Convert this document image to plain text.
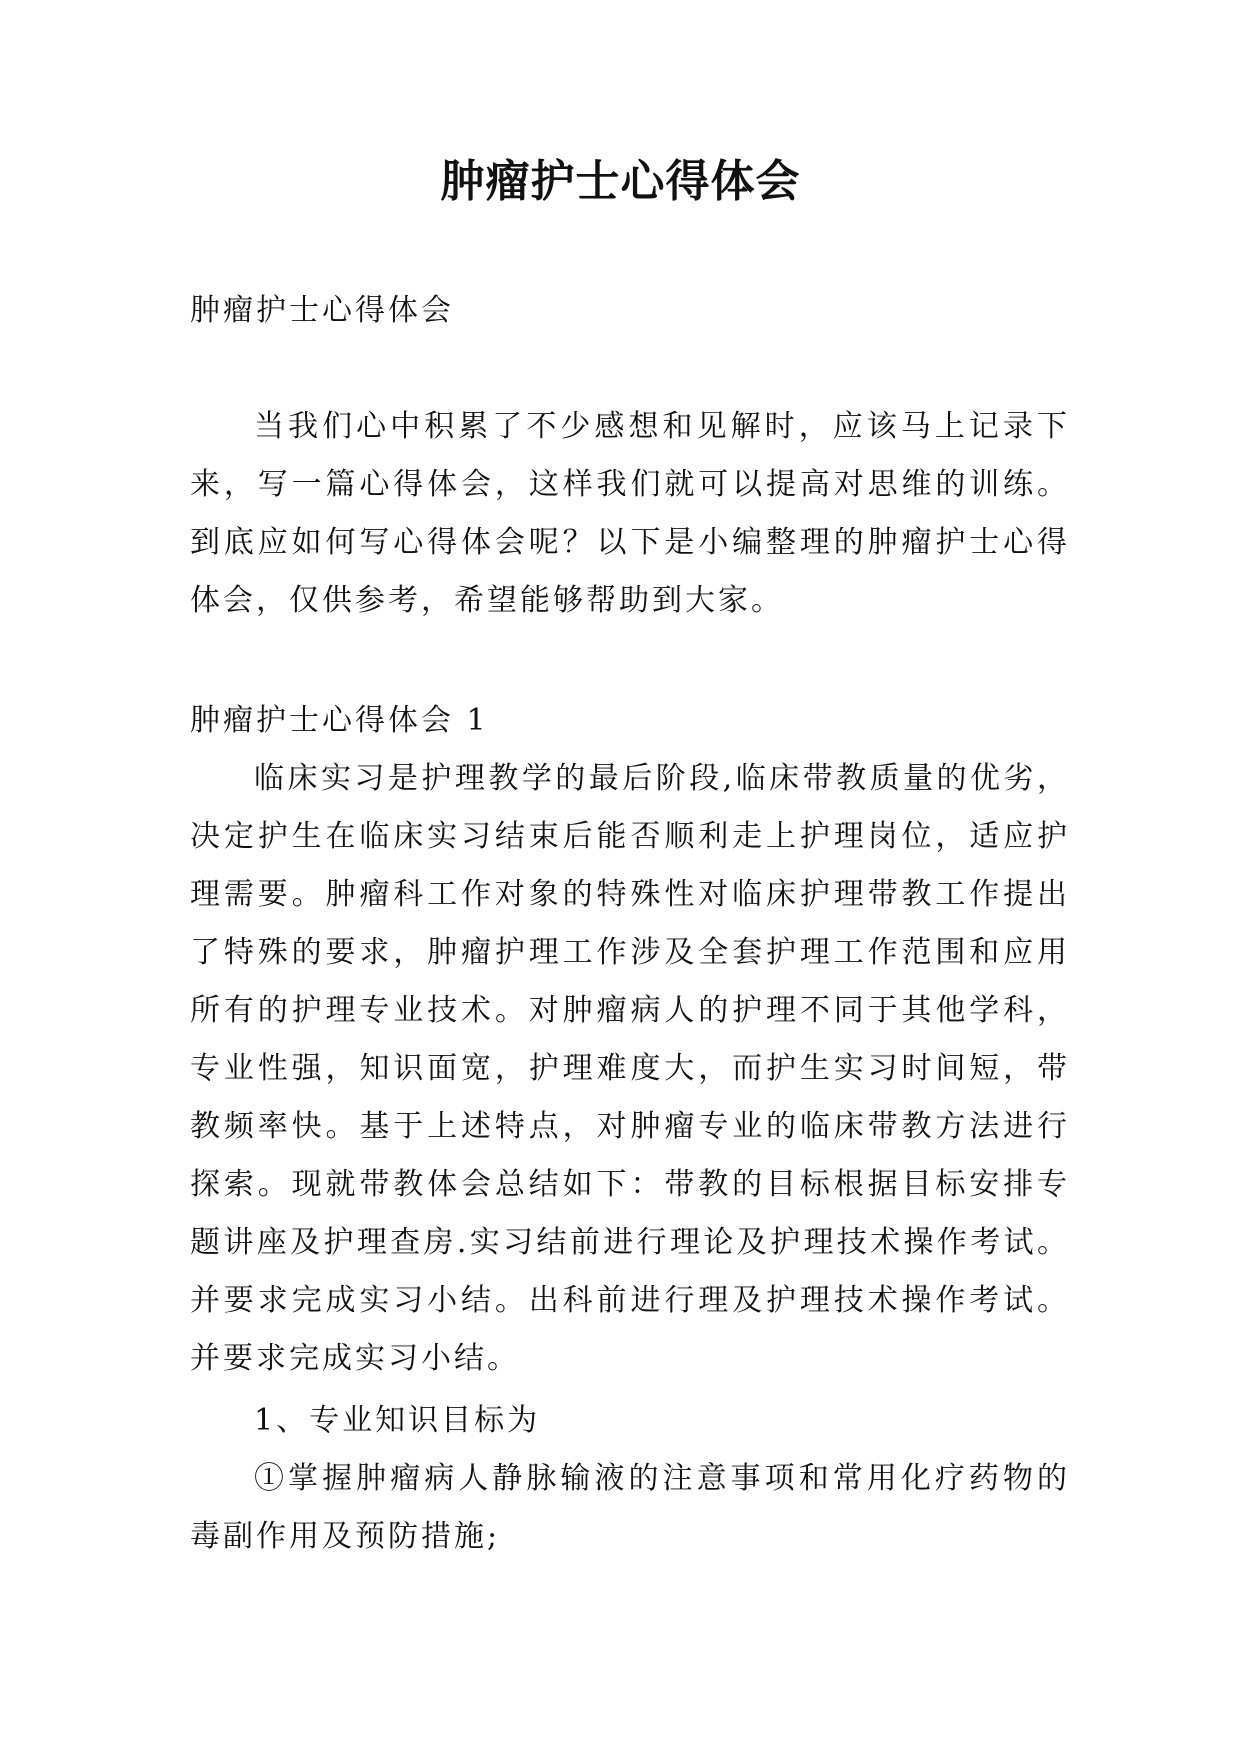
肿瘤护士心得体会

肿瘤护士心得体会

当我们心中积累了不少感想和见解时，应该马上记录下来，写一篇心得体会，这样我们就可以提高对思维的训练。到底应如何写心得体会呢？以下是小编整理的肿瘤护士心得体会，仅供参考，希望能够帮助到大家。

肿瘤护士心得体会 1

临床实习是护理教学的最后阶段,临床带教质量的优劣，决定护生在临床实习结束后能否顺利走上护理岗位，适应护理需要。肿瘤科工作对象的特殊性对临床护理带教工作提出了特殊的要求，肿瘤护理工作涉及全套护理工作范围和应用所有的护理专业技术。对肿瘤病人的护理不同于其他学科，专业性强，知识面宽，护理难度大，而护生实习时间短，带教频率快。基于上述特点，对肿瘤专业的临床带教方法进行探索。现就带教体会总结如下：带教的目标根据目标安排专题讲座及护理查房.实习结前进行理论及护理技术操作考试。并要求完成实习小结。出科前进行理及护理技术操作考试。并要求完成实习小结。

1、专业知识目标为

①掌握肿瘤病人静脉输液的注意事项和常用化疗药物的毒副作用及预防措施;
